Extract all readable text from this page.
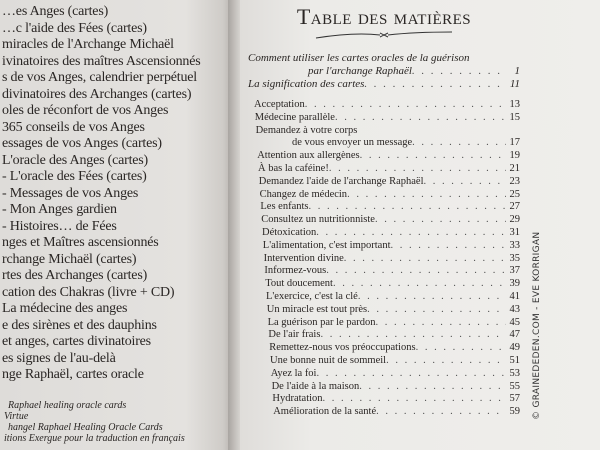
…es Anges (cartes)
…c l'aide des Fées (cartes)
miracles de l'Archange Michaël
ivinatoires des maîtres Ascensionnés
s de vos Anges, calendrier perpétuel
divinatoires des Archanges (cartes)
oles de réconfort de vos Anges
365 conseils de vos Anges
essages de vos Anges (cartes)
L'oracle des Anges (cartes)
- L'oracle des Fées (cartes)
- Messages de vos Anges
- Mon Anges gardien
- Histoires… de Fées
nges et Maîtres ascensionnés
rchange Michaël (cartes)
rtes des Archanges (cartes)
cation des Chakras (livre + CD)
La médecine des anges
e des sirènes et des dauphins
et anges, cartes divinatoires
es signes de l'au-delà
nge Raphaël, cartes oracle
Raphael healing oracle cards
Virtue
hangel Raphael Healing Oracle Cards
itions Exergue pour la traduction en français
Table des matières
Comment utiliser les cartes oracles de la guérison
par l'archange Raphaël . . .	1
La signification des cartes . . .	11
Acceptation . . .	13
Médecine parallèle . . .	15
Demandez à votre corps
de vous envoyer un message . . .	17
Attention aux allergènes . . .	19
À bas la caféine! . . .	21
Demandez l'aide de l'archange Raphaël . . .	23
Changez de médecin . . .	25
Les enfants . . .	27
Consultez un nutritionniste . . .	29
Détoxication . . .	31
L'alimentation, c'est important . . .	33
Intervention divine . . .	35
Informez-vous . . .	37
Tout doucement . . .	39
L'exercice, c'est la clé . . .	41
Un miracle est tout près . . .	43
La guérison par le pardon . . .	45
De l'air frais . . .	47
Remettez-nous vos préoccupations . . .	49
Une bonne nuit de sommeil . . .	51
Ayez la foi . . .	53
De l'aide à la maison . . .	55
Hydratation . . .	57
Amélioration de la santé . . .	59 © GRAINEDEDEN.COM - EVE KORRIGAN
